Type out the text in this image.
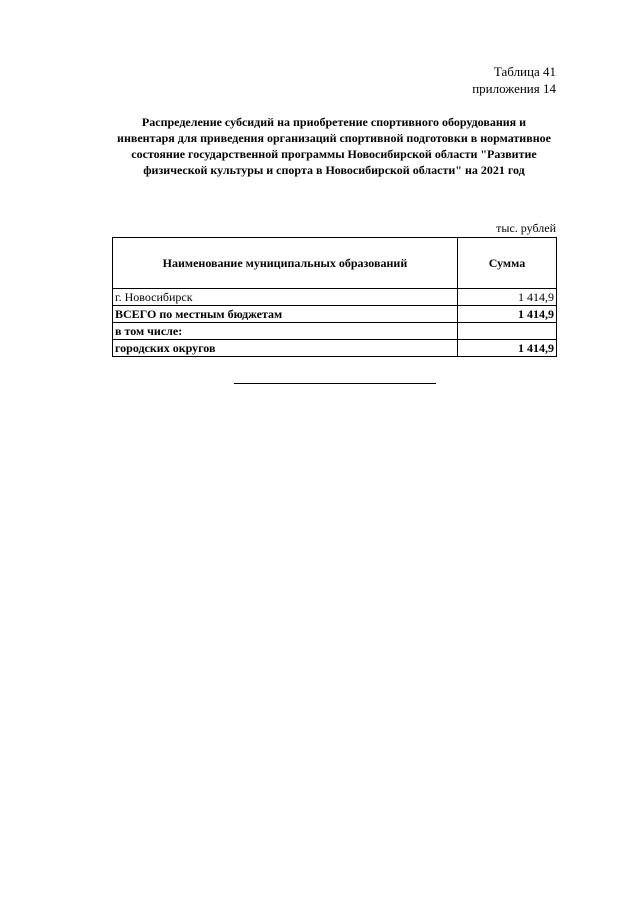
Таблица 41
приложения 14
Распределение субсидий на приобретение спортивного оборудования и инвентаря для приведения организаций спортивной подготовки в нормативное состояние государственной программы Новосибирской области "Развитие физической культуры и спорта в Новосибирской области" на 2021 год
тыс. рублей
Наименование муниципальных образований	Сумма
г. Новосибирск	1 414,9
ВСЕГО по местным бюджетам	1 414,9
в том числе:	
городских округов	1 414,9
